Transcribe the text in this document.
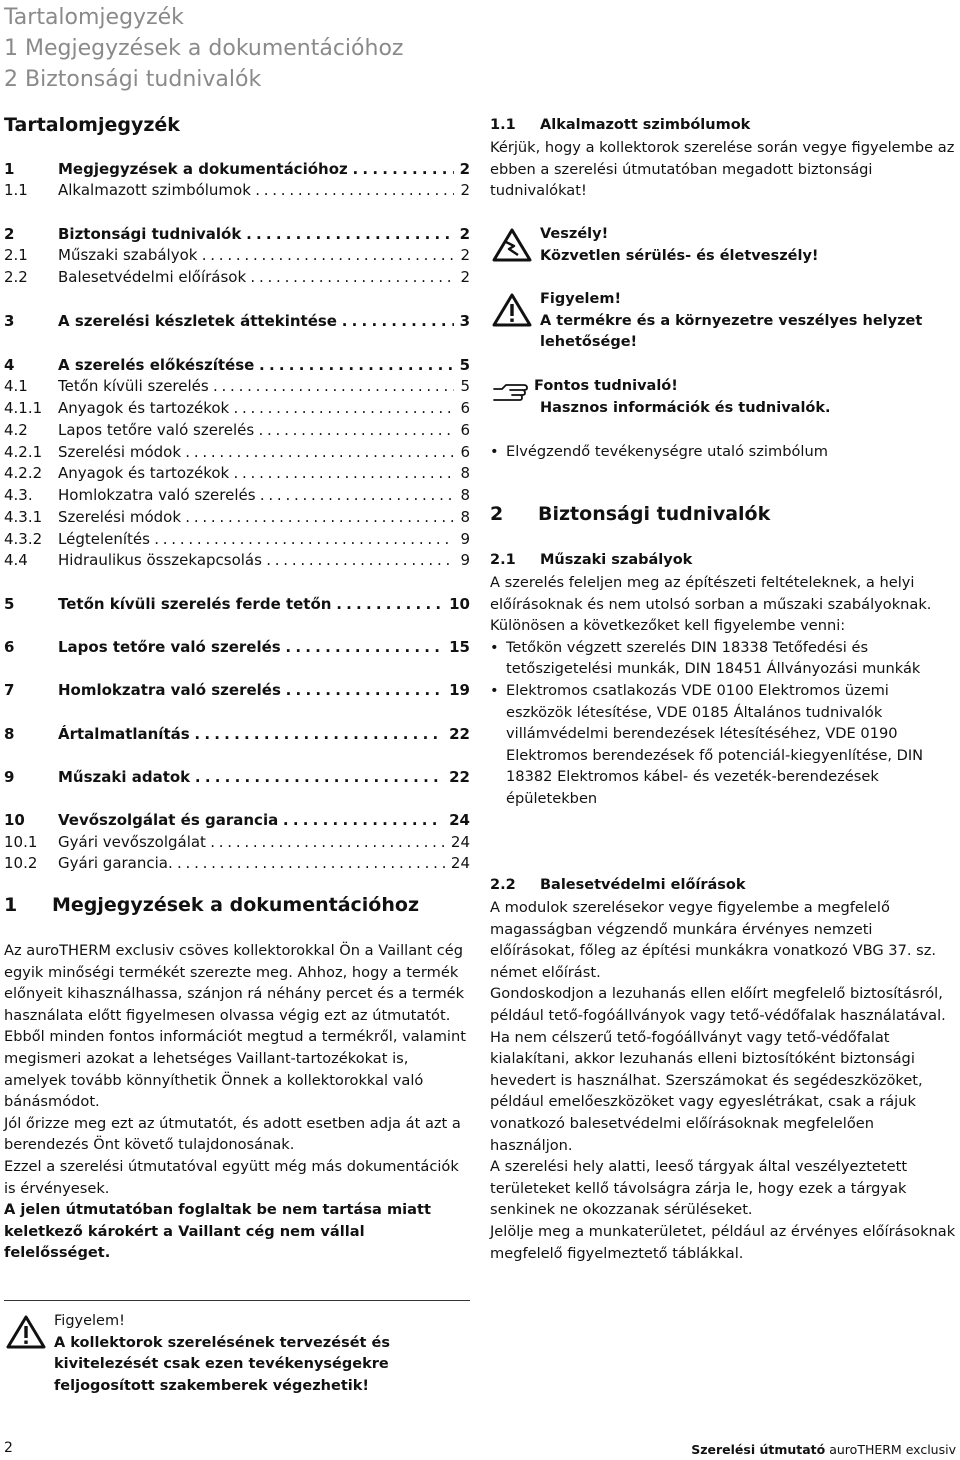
Tartalomjegyzék
1 Megjegyzések a dokumentációhoz
2 Biztonsági tudnivalók
Tartalomjegyzék
1	Megjegyzések a dokumentációhoz . . .	2
1.1 Alkalmazott szimbólumok . . .	2
2	Biztonsági tudnivalók . . .	2
2.1 Műszaki szabályok . . .	2
2.2 Balesetvédelmi előírások . . .	2
3	A szerelési készletek áttekintése . . .	3
4	A szerelés előkészítése . . .	5
4.1 Tetőn kívüli szerelés . . .	5
4.1.1 Anyagok és tartozékok . . .	6
4.2 Lapos tetőre való szerelés . . .	6
4.2.1 Szerelési módok . . .	6
4.2.2 Anyagok és tartozékok . . .	8
4.3. Homlokzatra való szerelés . . .	8
4.3.1 Szerelési módok . . .	8
4.3.2 Légtelenítés . . .	9
4.4 Hidraulikus összekapcsolás . . .	9
5	Tetőn kívüli szerelés ferde tetőn . . .	10
6	Lapos tetőre való szerelés . . .	15
7	Homlokzatra való szerelés . . .	19
8	Ártalmatlanítás . . .	22
9	Műszaki adatok . . .	22
10 Vevőszolgálat és garancia . . .	24
10.1 Gyári vevőszolgálat . . .	24
10.2 Gyári garancia. . . .	24
1 Megjegyzések a dokumentációhoz

Az auroTHERM exclusiv csöves kollektorokkal Ön a Vaillant cég egyik minőségi termékét szerezte meg. Ahhoz, hogy a termék előnyeit kihasználhassa, szánjon rá néhány percet és a termék használata előtt figyelmesen olvassa végig ezt az útmutatót. Ebből minden fontos információt megtud a termékről, valamint megismeri azokat a lehetséges Vaillant-tartozékokat is, amelyek tovább könnyíthetik Önnek a kollektorokkal való bánásmódot.

Jól őrizze meg ezt az útmutatót, és adott esetben adja át azt a berendezés Önt követő tulajdonosának.

Ezzel a szerelési útmutatóval együtt még más dokumentációk is érvényesek.

A jelen útmutatóban foglaltak be nem tartása miatt keletkező károkért a Vaillant cég nem vállal felelősséget.

Figyelem!
A kollektorok szerelésének tervezését és kivitelezését csak ezen tevékenységekre feljogosított szakemberek végezhetik!
1.1 Alkalmazott szimbólumok
Kérjük, hogy a kollektorok szerelése során vegye figyelembe az ebben a szerelési útmutatóban megadott biztonsági tudnivalókat!
Veszély!
Közvetlen sérülés- és életveszély!
Figyelem!
A termékre és a környezetre veszélyes helyzet lehetősége!
Fontos tudnivaló!
Hasznos információk és tudnivalók.
• Elvégzendő tevékenységre utaló szimbólum
2 Biztonsági tudnivalók
2.1 Műszaki szabályok

A szerelés feleljen meg az építészeti feltételeknek, a helyi előírásoknak és nem utolsó sorban a műszaki szabályoknak. Különösen a következőket kell figyelembe venni:

• Tetőkön végzett szerelés DIN 18338 Tetőfedési és tetőszigetelési munkák, DIN 18451 Állványozási munkák
• Elektromos csatlakozás VDE 0100 Elektromos üzemi eszközök létesítése, VDE 0185 Általános tudnivalók villámvédelmi berendezések létesítéséhez, VDE 0190 Elektromos berendezések fő potenciál-kiegyenlítése, DIN 18382 Elektromos kábel- és vezeték-berendezések épületekben
2.2 Balesetvédelmi előírások

A modulok szerelésekor vegye figyelembe a megfelelő magasságban végzendő munkára érvényes nemzeti előírásokat, főleg az építési munkákra vonatkozó VBG 37. sz. német előírást.

Gondoskodjon a lezuhanás ellen előírt megfelelő biztosításról, például tető-fogóállványok vagy tető-védőfalak használatával.

Ha nem célszerű tető-fogóállványt vagy tető-védőfalat kialakítani, akkor lezuhanás elleni biztosítóként biztonsági hevedert is használhat. Szerszámokat és segédeszközöket, például emelőeszközöket vagy egyeslétrákat, csak a rájuk vonatkozó balesetvédelmi előírásoknak megfelelően használjon.

A szerelési hely alatti, leeső tárgyak által veszélyeztetett területeket kellő távolságra zárja le, hogy ezek a tárgyak senkinek ne okozzanak sérüléseket.

Jelölje meg a munkaterületet, például az érvényes előírásoknak megfelelő figyelmeztető táblákkal.

2	Szerelési útmutató auroTHERM exclusiv
